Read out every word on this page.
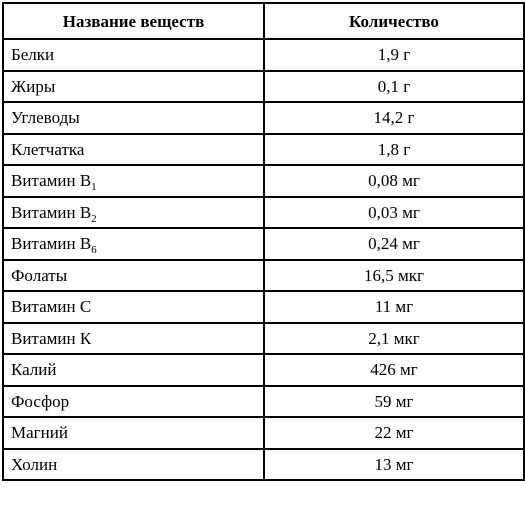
Название веществ	Количество
Белки	1,9 г
Жиры	0,1 г
Углеводы	14,2 г
Клетчатка	1,8 г
Витамин $В_1$	0,08 мг
Витамин $В_2$	0,03 мг
Витамин $В_6$	0,24 мг
Фолаты	16,5 мкг
Витамин С	11 мг
Витамин К	2,1 мкг
Калий	426 мг
Фосфор	59 мг
Магний	22 мг
Холин	13 мг
